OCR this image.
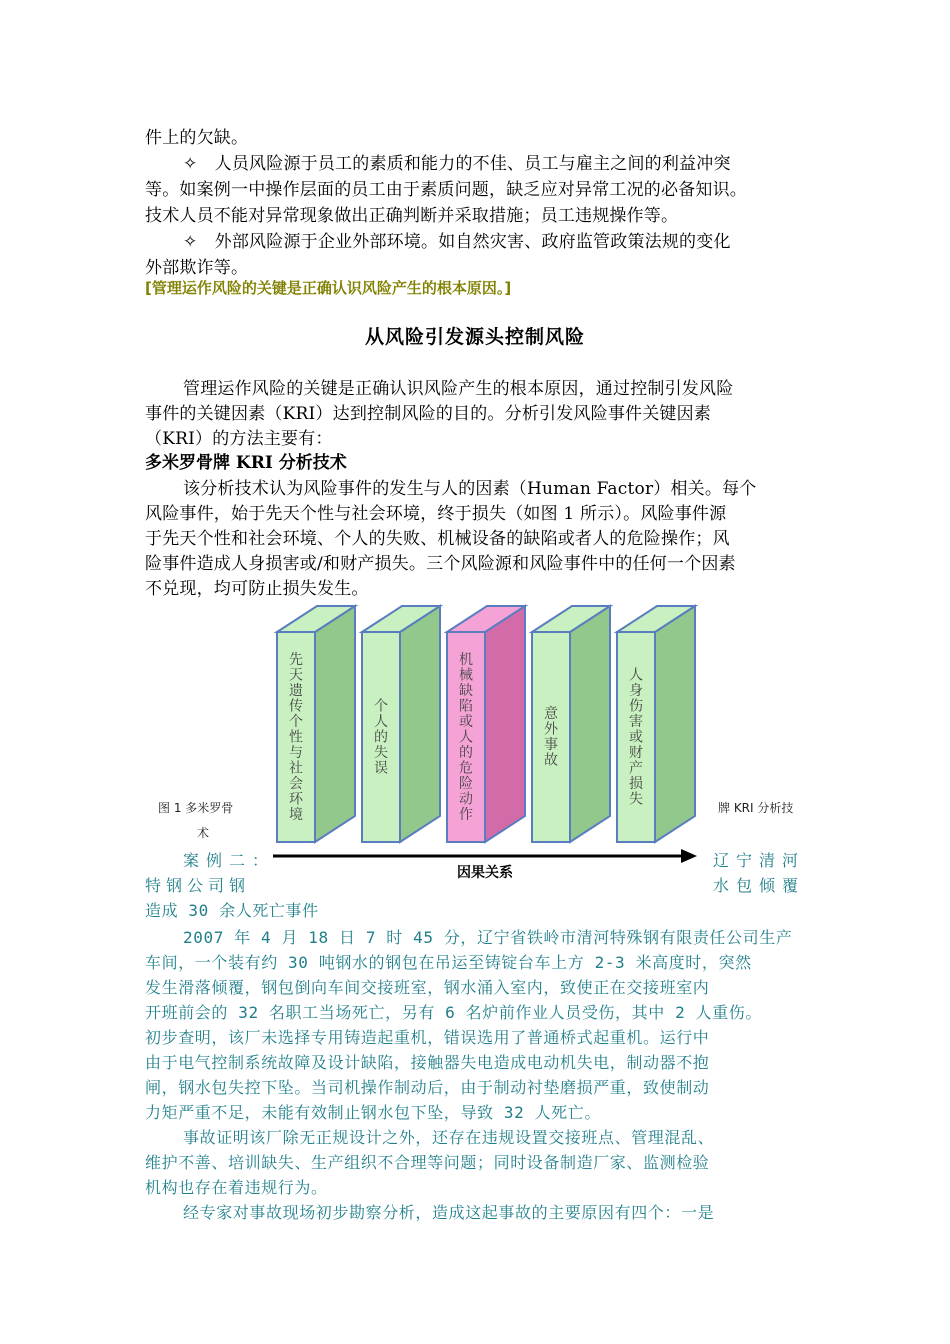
件上的欠缺。
✧　人员风险源于员工的素质和能力的不佳、员工与雇主之间的利益冲突
等。如案例一中操作层面的员工由于素质问题，缺乏应对异常工况的必备知识。
技术人员不能对异常现象做出正确判断并采取措施；员工违规操作等。
✧　外部风险源于企业外部环境。如自然灾害、政府监管政策法规的变化
外部欺诈等。
[管理运作风险的关键是正确认识风险产生的根本原因。]
从风险引发源头控制风险
管理运作风险的关键是正确认识风险产生的根本原因，通过控制引发风险
事件的关键因素（KRI）达到控制风险的目的。分析引发风险事件关键因素
（KRI）的方法主要有：
多米罗骨牌 KRI 分析技术
该分析技术认为风险事件的发生与人的因素（Human Factor）相关。每个
风险事件，始于先天个性与社会环境，终于损失（如图 1 所示）。风险事件源
于先天个性和社会环境、个人的失败、机械设备的缺陷或者人的危险操作；风
险事件造成人身损害或/和财产损失。三个风险源和风险事件中的任何一个因素
不兑现，均可防止损失发生。
先天遗传个性与社会环境
个人的失误
机械缺陷或人的危险动作
意外事故
人身伤害或财产损失
因果关系
图 1 多米罗骨
术
牌 KRI 分析技
案例二：	辽宁清河
特钢公司钢	水包倾覆
造成 30 余人死亡事件
2007 年 4 月 18 日 7 时 45 分，辽宁省铁岭市清河特殊钢有限责任公司生产
车间，一个装有约 30 吨钢水的钢包在吊运至铸锭台车上方 2-3 米高度时，突然
发生滑落倾覆，钢包倒向车间交接班室，钢水涌入室内，致使正在交接班室内
开班前会的 32 名职工当场死亡，另有 6 名炉前作业人员受伤，其中 2 人重伤。
初步查明，该厂未选择专用铸造起重机，错误选用了普通桥式起重机。运行中
由于电气控制系统故障及设计缺陷，接触器失电造成电动机失电，制动器不抱
闸，钢水包失控下坠。当司机操作制动后，由于制动衬垫磨损严重，致使制动
力矩严重不足，未能有效制止钢水包下坠，导致 32 人死亡。
事故证明该厂除无正规设计之外，还存在违规设置交接班点、管理混乱、
维护不善、培训缺失、生产组织不合理等问题；同时设备制造厂家、监测检验
机构也存在着违规行为。
经专家对事故现场初步勘察分析，造成这起事故的主要原因有四个：一是
